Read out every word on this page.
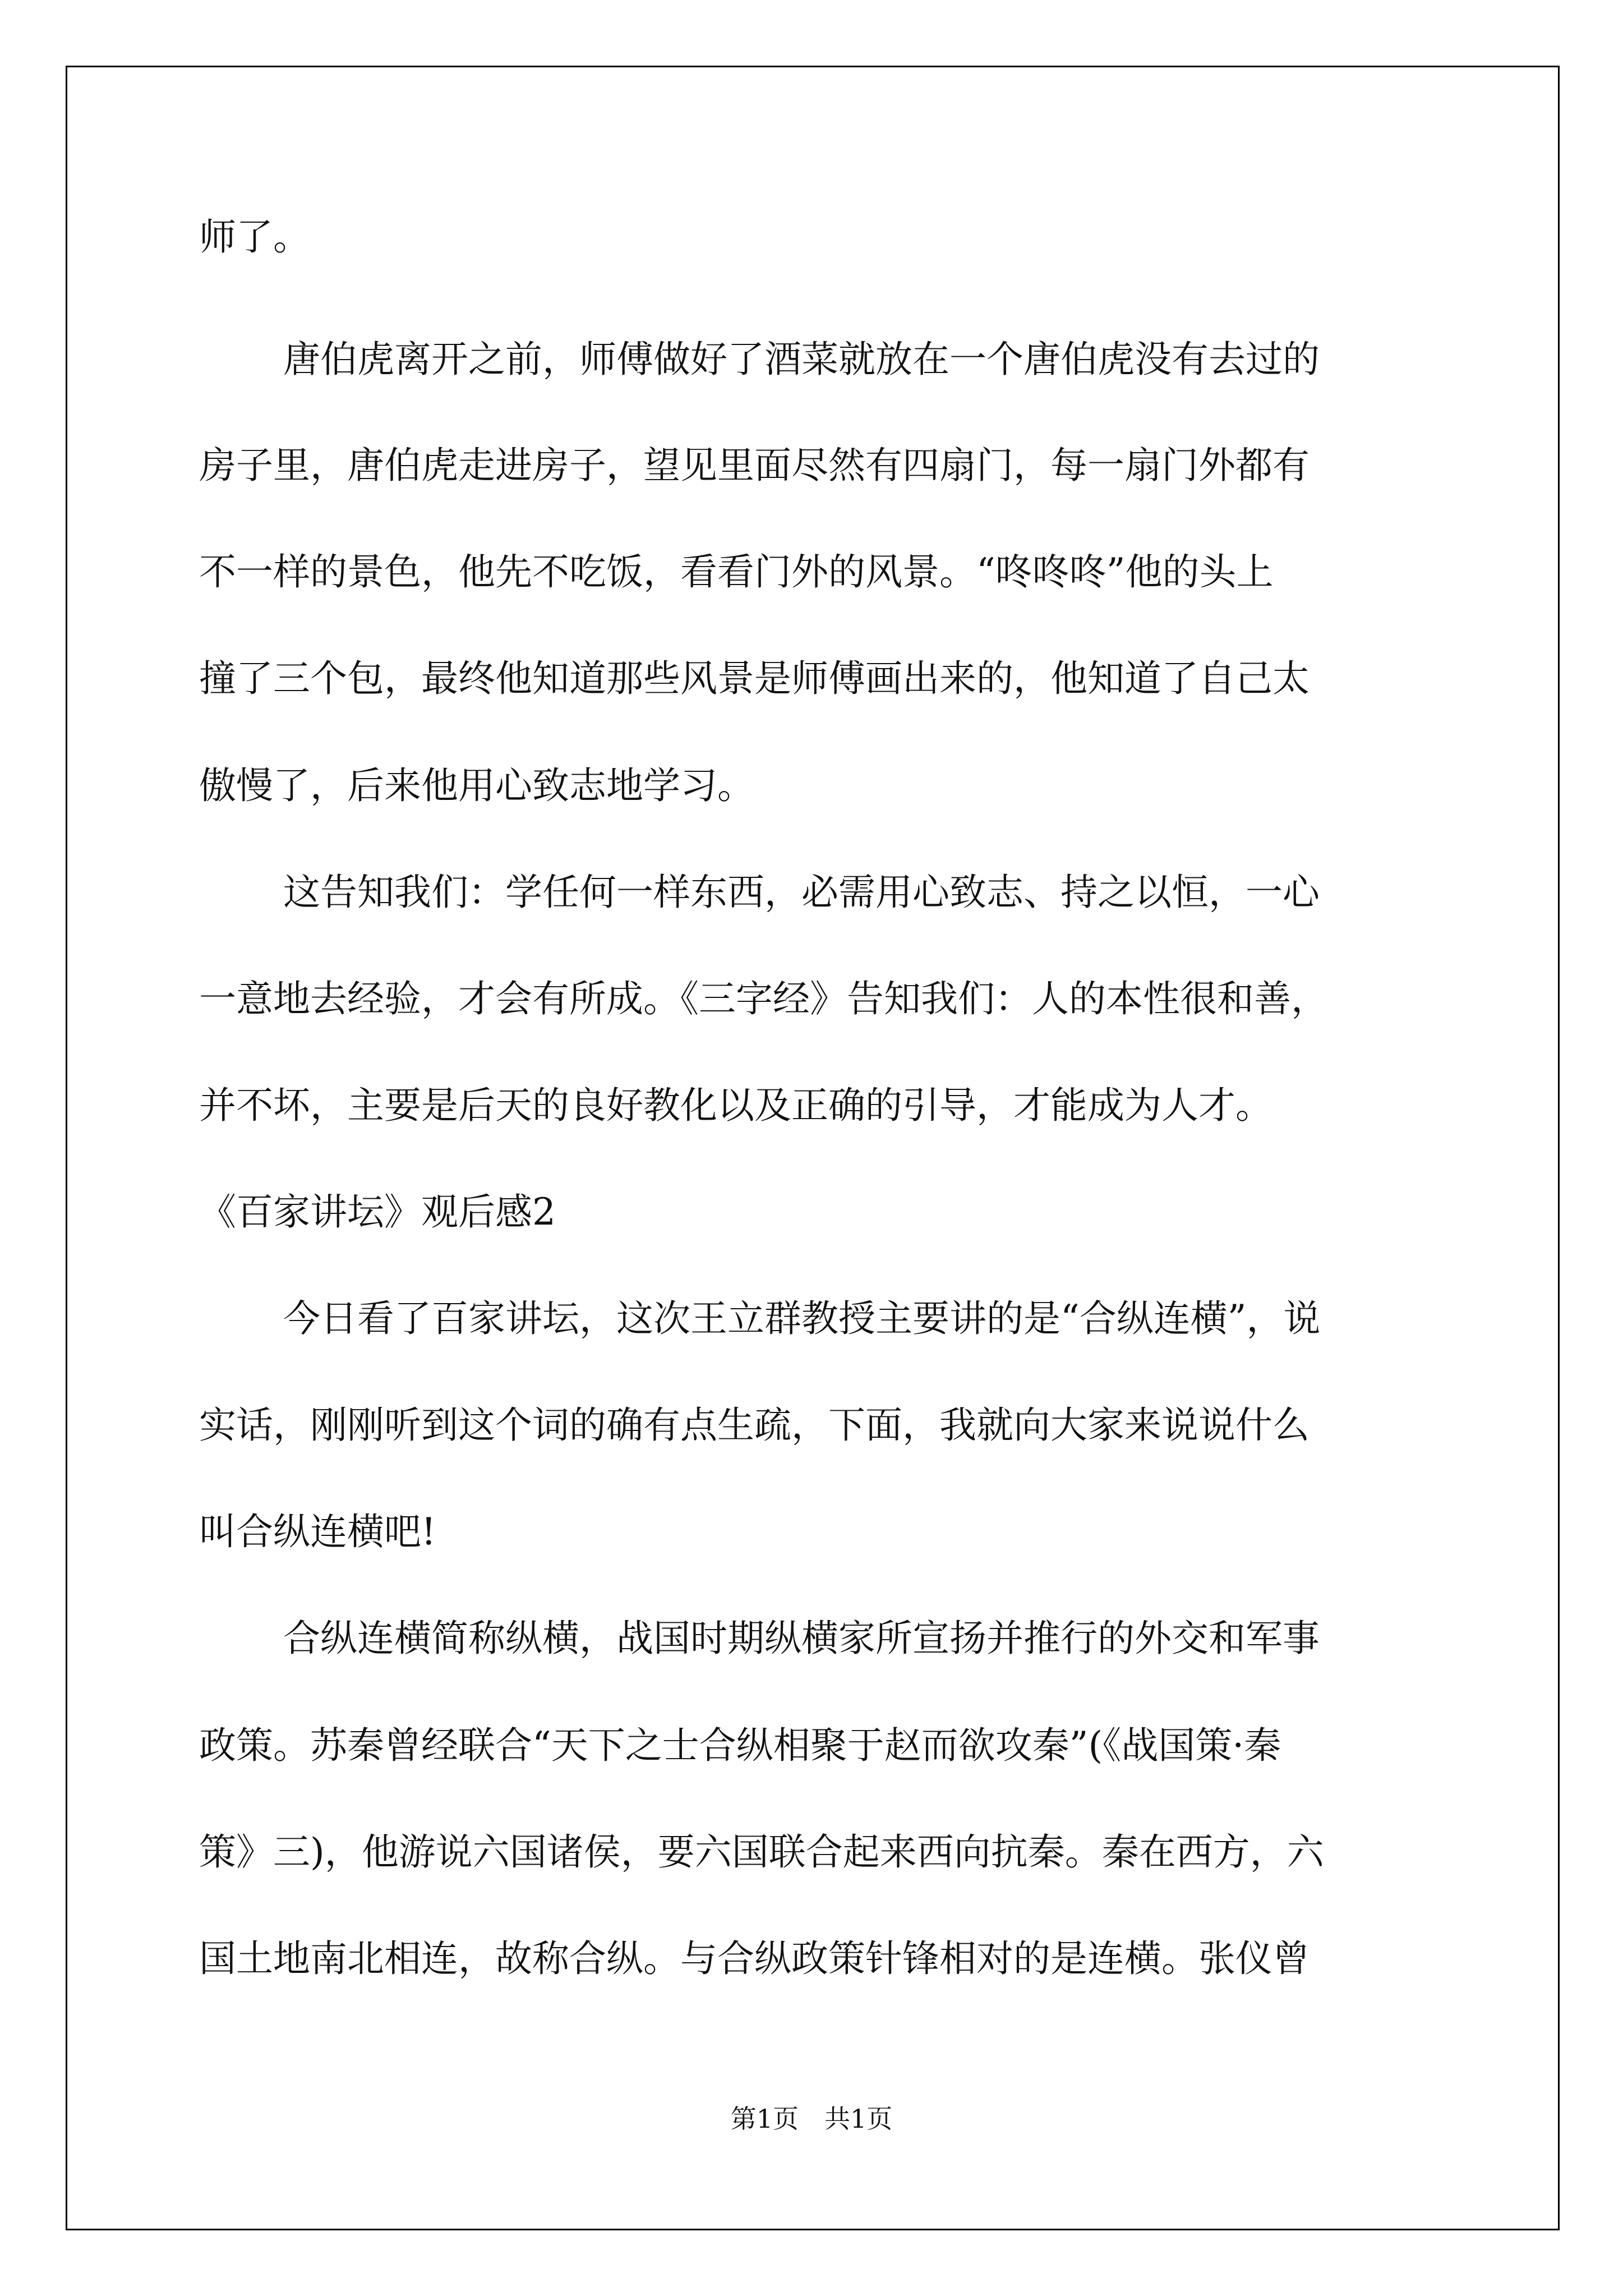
师了。
唐伯虎离开之前，师傅做好了酒菜就放在一个唐伯虎没有去过的
房子里，唐伯虎走进房子，望见里面尽然有四扇门，每一扇门外都有
不一样的景色，他先不吃饭，看看门外的风景。“咚咚咚”他的头上
撞了三个包，最终他知道那些风景是师傅画出来的，他知道了自己太
傲慢了，后来他用心致志地学习。
这告知我们：学任何一样东西，必需用心致志、持之以恒，一心
一意地去经验，才会有所成。《三字经》告知我们：人的本性很和善，
并不坏，主要是后天的良好教化以及正确的引导，才能成为人才。
《百家讲坛》观后感2
今日看了百家讲坛，这次王立群教授主要讲的是“合纵连横”，说
实话，刚刚听到这个词的确有点生疏，下面，我就向大家来说说什么
叫合纵连横吧!
合纵连横简称纵横，战国时期纵横家所宣扬并推行的外交和军事
政策。苏秦曾经联合“天下之士合纵相聚于赵而欲攻秦”(《战国策·秦
策》三)，他游说六国诸侯，要六国联合起来西向抗秦。秦在西方，六
国土地南北相连，故称合纵。与合纵政策针锋相对的是连横。张仪曾
第1页　共1页
